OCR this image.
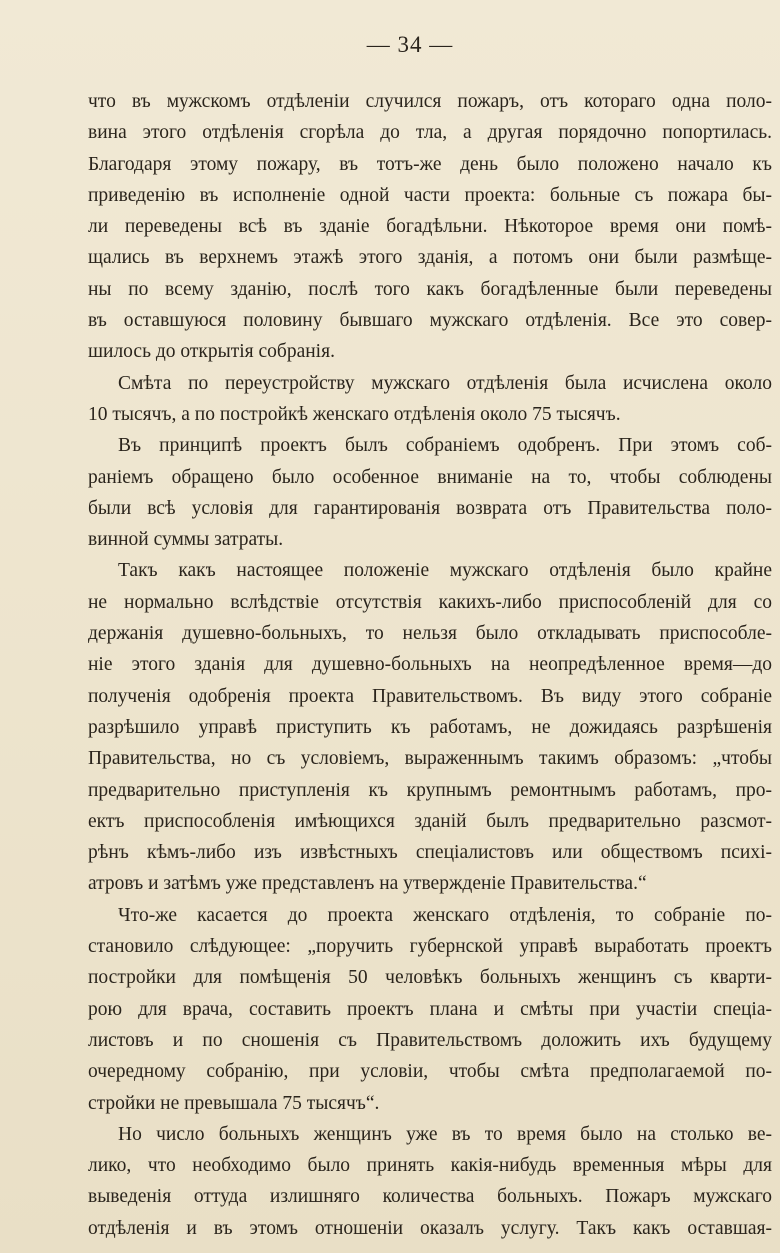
— 34 —
что въ мужскомъ отдѣленіи случился пожаръ, отъ котораго одна поло-
вина этого отдѣленія сгорѣла до тла, а другая порядочно попортилась.
Благодаря этому пожару, въ тотъ-же день было положено начало къ
приведенію въ исполненіе одной части проекта: больные съ пожара бы-
ли переведены всѣ въ зданіе богадѣльни. Нѣкоторое время они помѣ-
щались въ верхнемъ этажѣ этого зданія, а потомъ они были размѣще-
ны по всему зданію, послѣ того какъ богадѣленные были переведены
въ оставшуюся половину бывшаго мужскаго отдѣленія. Все это совер-
шилось до открытія собранія.
Смѣта по переустройству мужскаго отдѣленія была исчислена около
10 тысячъ, а по постройкѣ женскаго отдѣленія около 75 тысячъ.
Въ принципѣ проектъ былъ собраніемъ одобренъ. При этомъ соб-
раніемъ обращено было особенное вниманіе на то, чтобы соблюдены
были всѣ условія для гарантированія возврата отъ Правительства поло-
винной суммы затраты.
Такъ какъ настоящее положеніе мужскаго отдѣленія было крайне
не нормально вслѣдствіе отсутствія какихъ-либо приспособленій для со
держанія душевно-больныхъ, то нельзя было откладывать приспособле-
ніе этого зданія для душевно-больныхъ на неопредѣленное время—до
полученія одобренія проекта Правительствомъ. Въ виду этого собраніе
разрѣшило управѣ приступить къ работамъ, не дожидаясь разрѣшенія
Правительства, но съ условіемъ, выраженнымъ такимъ образомъ: „чтобы
предварительно приступленія къ крупнымъ ремонтнымъ работамъ, про-
ектъ приспособленія имѣющихся зданій былъ предварительно разсмот-
рѣнъ кѣмъ-либо изъ извѣстныхъ спеціалистовъ или обществомъ психі-
атровъ и затѣмъ уже представленъ на утвержденіе Правительства.“
Что-же касается до проекта женскаго отдѣленія, то собраніе по-
становило слѣдующее: „поручить губернской управѣ выработать проектъ
постройки для помѣщенія 50 человѣкъ больныхъ женщинъ съ кварти-
рою для врача, составить проектъ плана и смѣты при участіи спеціа-
листовъ и по сношенія съ Правительствомъ доложить ихъ будущему
очередному собранію, при условіи, чтобы смѣта предполагаемой по-
стройки не превышала 75 тысячъ“.
Но число больныхъ женщинъ уже въ то время было на столько ве-
лико, что необходимо было принять какія-нибудь временныя мѣры для
выведенія оттуда излишняго количества больныхъ. Пожаръ мужскаго
отдѣленія и въ этомъ отношеніи оказалъ услугу. Такъ какъ оставшая-
